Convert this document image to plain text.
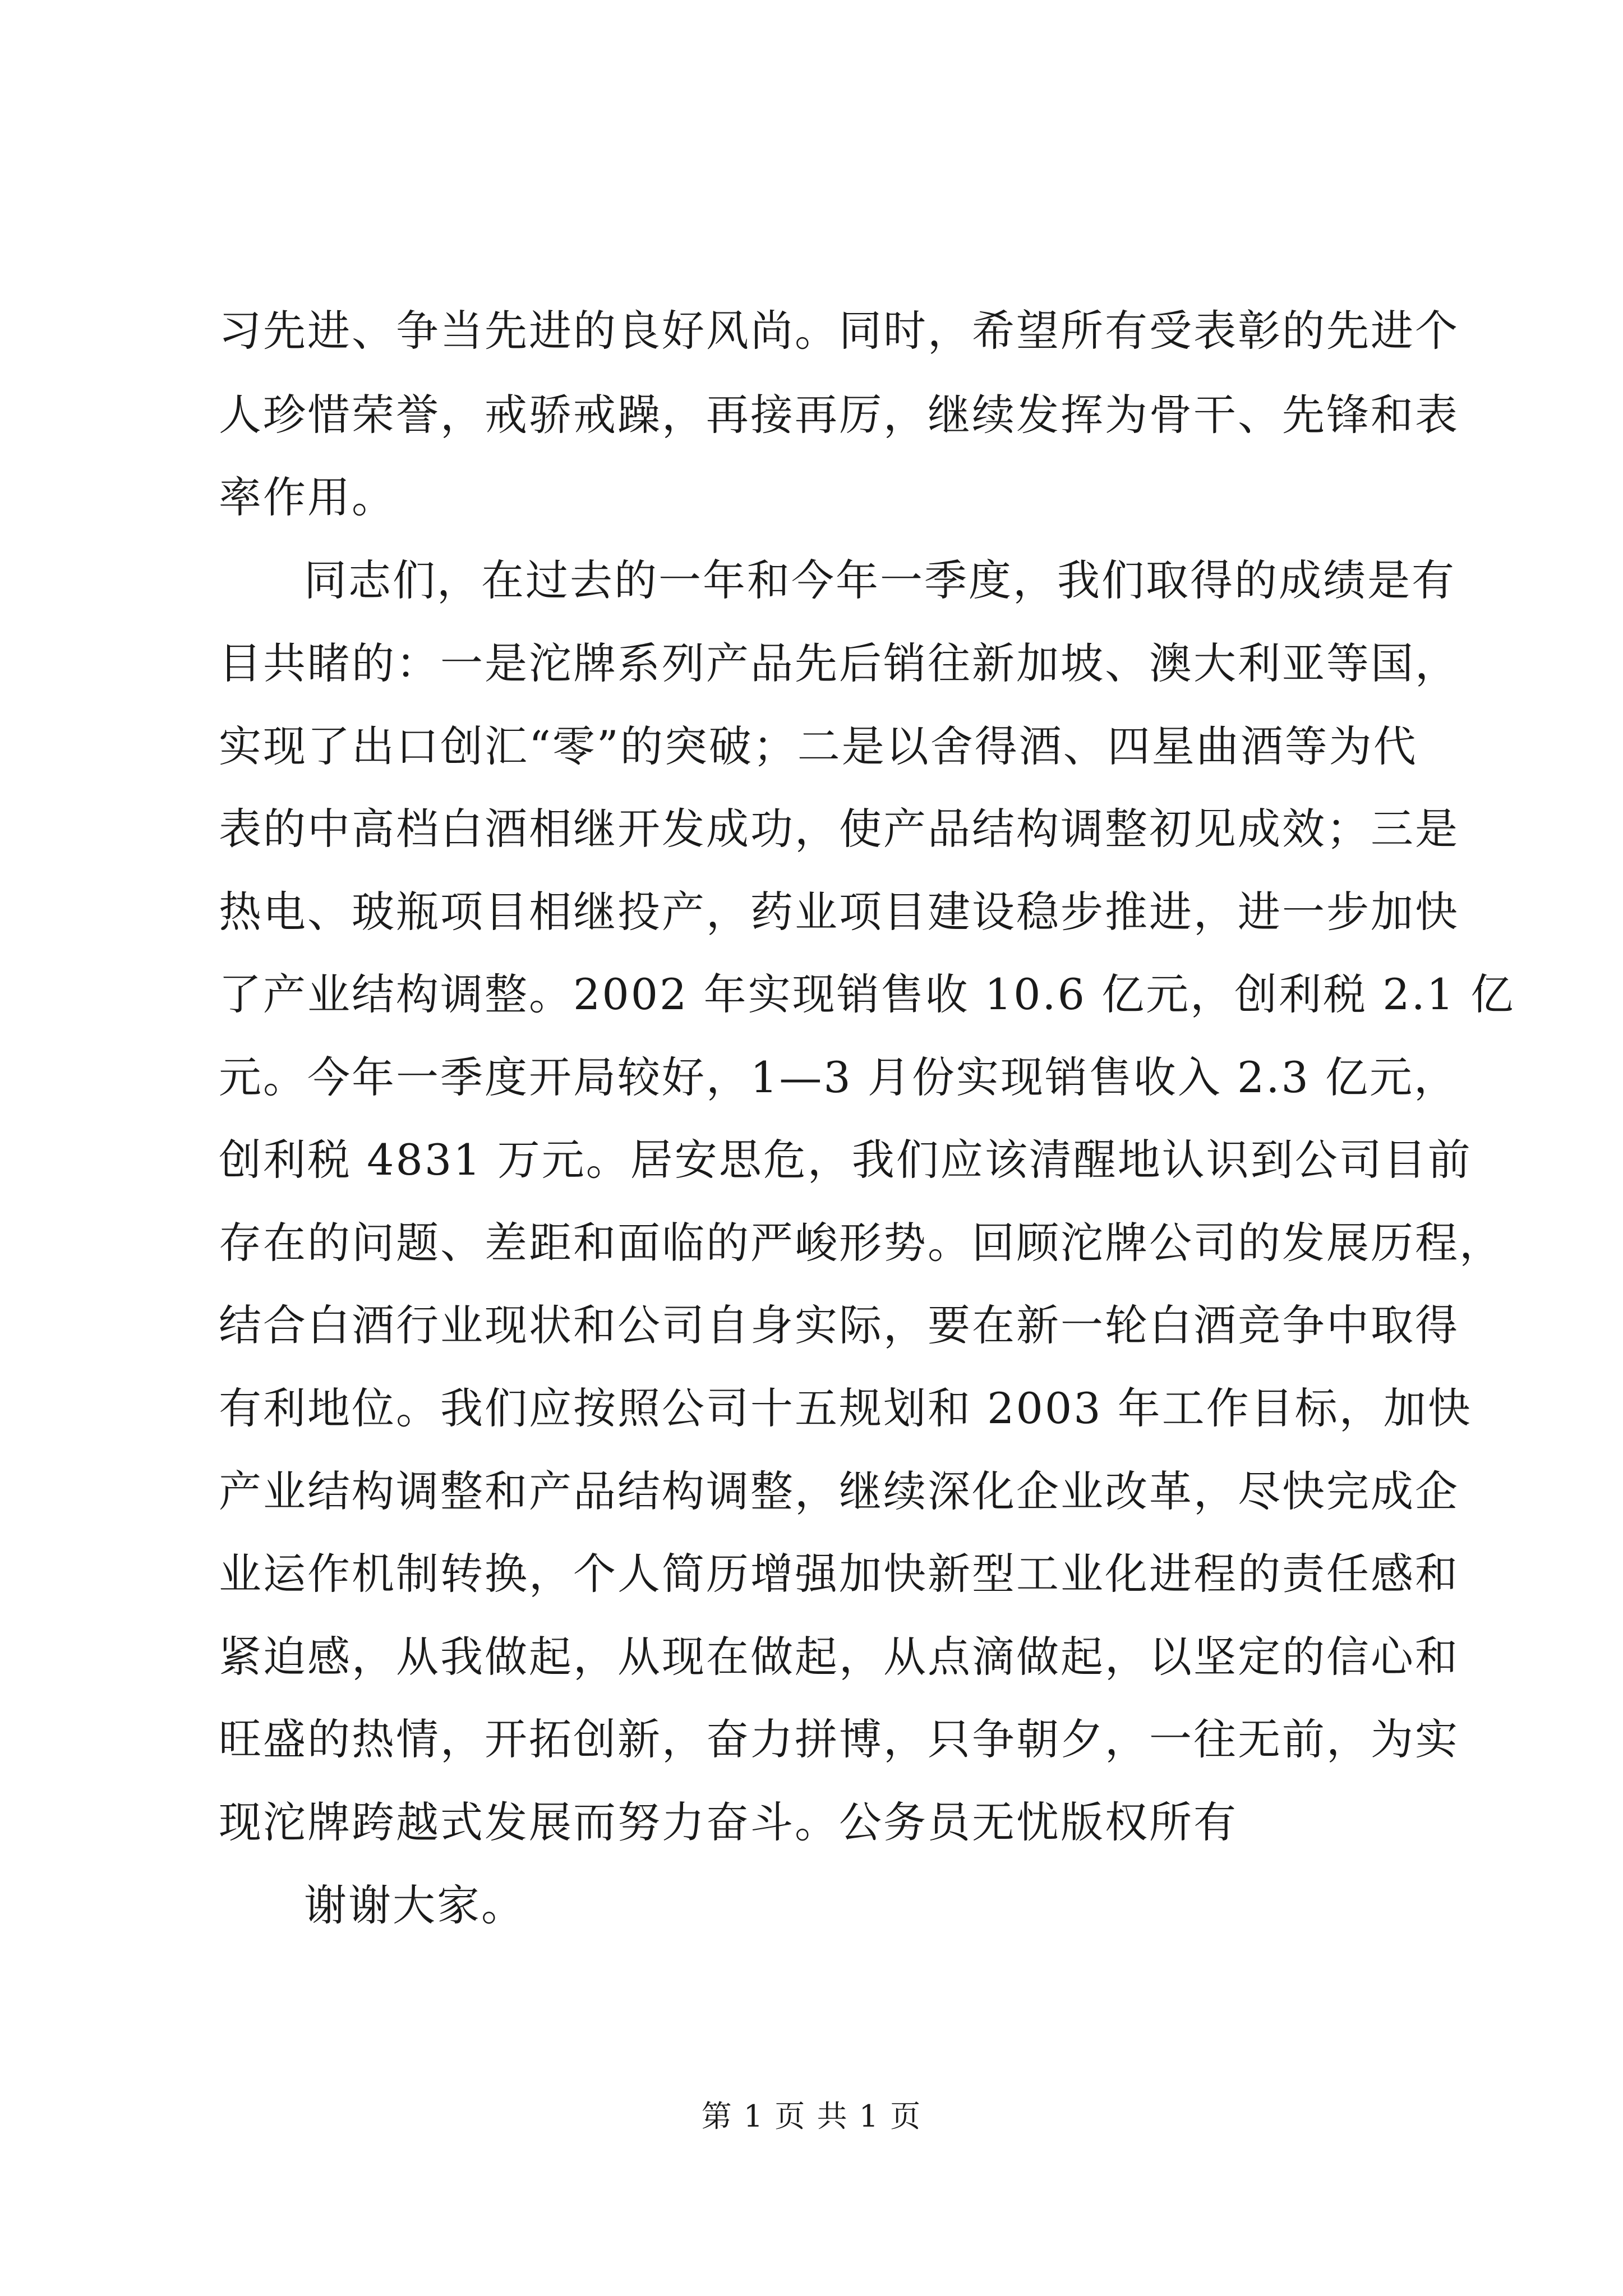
习先进、争当先进的良好风尚。同时，希望所有受表彰的先进个
人珍惜荣誉，戒骄戒躁，再接再厉，继续发挥为骨干、先锋和表
率作用。
同志们，在过去的一年和今年一季度，我们取得的成绩是有
目共睹的：一是沱牌系列产品先后销往新加坡、澳大利亚等国，
实现了出口创汇“零”的突破；二是以舍得酒、四星曲酒等为代
表的中高档白酒相继开发成功，使产品结构调整初见成效；三是
热电、玻瓶项目相继投产，药业项目建设稳步推进，进一步加快
了产业结构调整。2002 年实现销售收 10.6 亿元，创利税 2.1 亿
元。今年一季度开局较好，1—3 月份实现销售收入 2.3 亿元，
创利税 4831 万元。居安思危，我们应该清醒地认识到公司目前
存在的问题、差距和面临的严峻形势。回顾沱牌公司的发展历程，
结合白酒行业现状和公司自身实际，要在新一轮白酒竞争中取得
有利地位。我们应按照公司十五规划和 2003 年工作目标，加快
产业结构调整和产品结构调整，继续深化企业改革，尽快完成企
业运作机制转换，个人简历增强加快新型工业化进程的责任感和
紧迫感，从我做起，从现在做起，从点滴做起，以坚定的信心和
旺盛的热情，开拓创新，奋力拼博，只争朝夕，一往无前，为实
现沱牌跨越式发展而努力奋斗。公务员无忧版权所有
谢谢大家。
第 1 页 共 1 页
